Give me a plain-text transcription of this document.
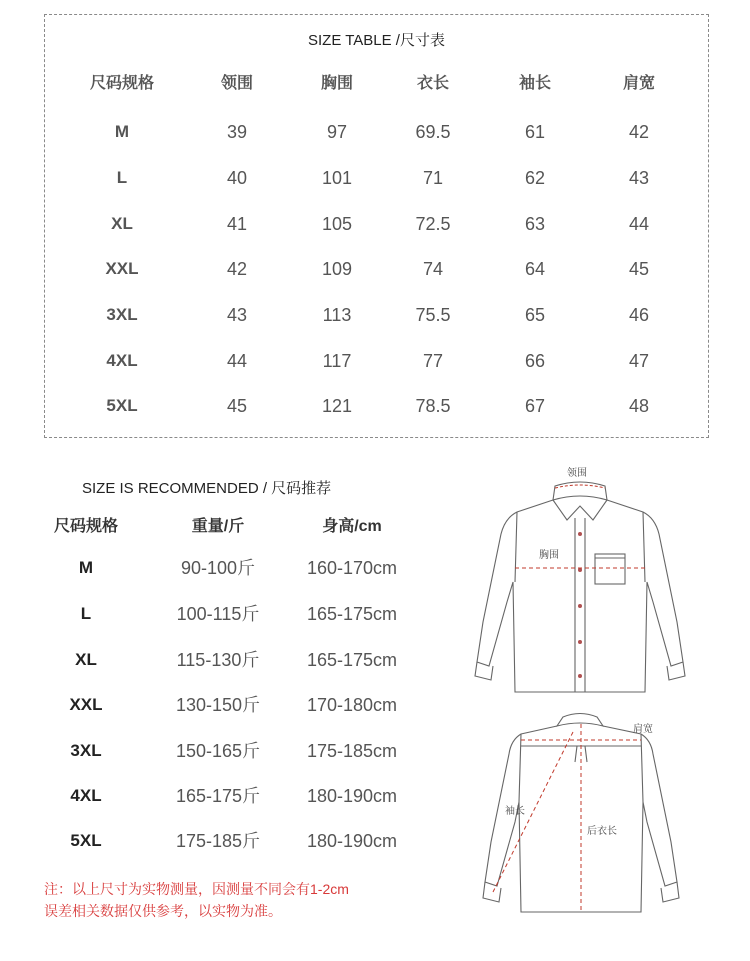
SIZE TABLE /尺寸表
尺码规格	领围	胸围	衣长	袖长	肩宽
M	39	97	69.5	61	42
L	40	101	71	62	43
XL	41	105	72.5	63	44
XXL	42	109	74	64	45
3XL	43	113	75.5	65	46
4XL	44	117	77	66	47
5XL	45	121	78.5	67	48
SIZE IS RECOMMENDED / 尺码推荐
尺码规格	重量/斤	身高/cm
M	90-100斤	160-170cm
L	100-115斤	165-175cm
XL	115-130斤	165-175cm
XXL	130-150斤	170-180cm
3XL	150-165斤	175-185cm
4XL	165-175斤	180-190cm
5XL	175-185斤	180-190cm
注：以上尺寸为实物测量，因测量不同会有1-2cm
误差相关数据仅供参考，以实物为准。
领围
胸围
肩宽
袖长
后衣长
